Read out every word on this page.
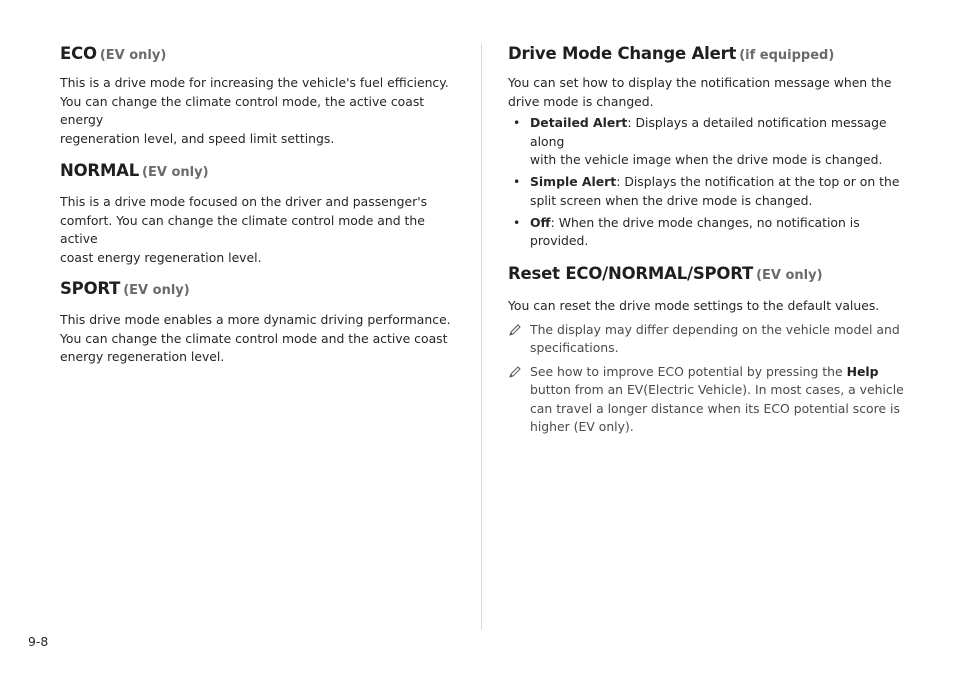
ECO (EV only)

This is a drive mode for increasing the vehicle's fuel efficiency.
You can change the climate control mode, the active coast energy
regeneration level, and speed limit settings.

NORMAL (EV only)

This is a drive mode focused on the driver and passenger's
comfort. You can change the climate control mode and the active
coast energy regeneration level.

SPORT (EV only)

This drive mode enables a more dynamic driving performance.
You can change the climate control mode and the active coast
energy regeneration level.

Drive Mode Change Alert (if equipped)

You can set how to display the notification message when the
drive mode is changed.

• Detailed Alert: Displays a detailed notification message along
with the vehicle image when the drive mode is changed.
• Simple Alert: Displays the notification at the top or on the
split screen when the drive mode is changed.
• Off: When the drive mode changes, no notification is
provided.
Reset ECO/NORMAL/SPORT (EV only)

You can reset the drive mode settings to the default values.

The display may differ depending on the vehicle model and
specifications.
See how to improve ECO potential by pressing the Help
button from an EV(Electric Vehicle). In most cases, a vehicle
can travel a longer distance when its ECO potential score is
higher (EV only).
9-8
